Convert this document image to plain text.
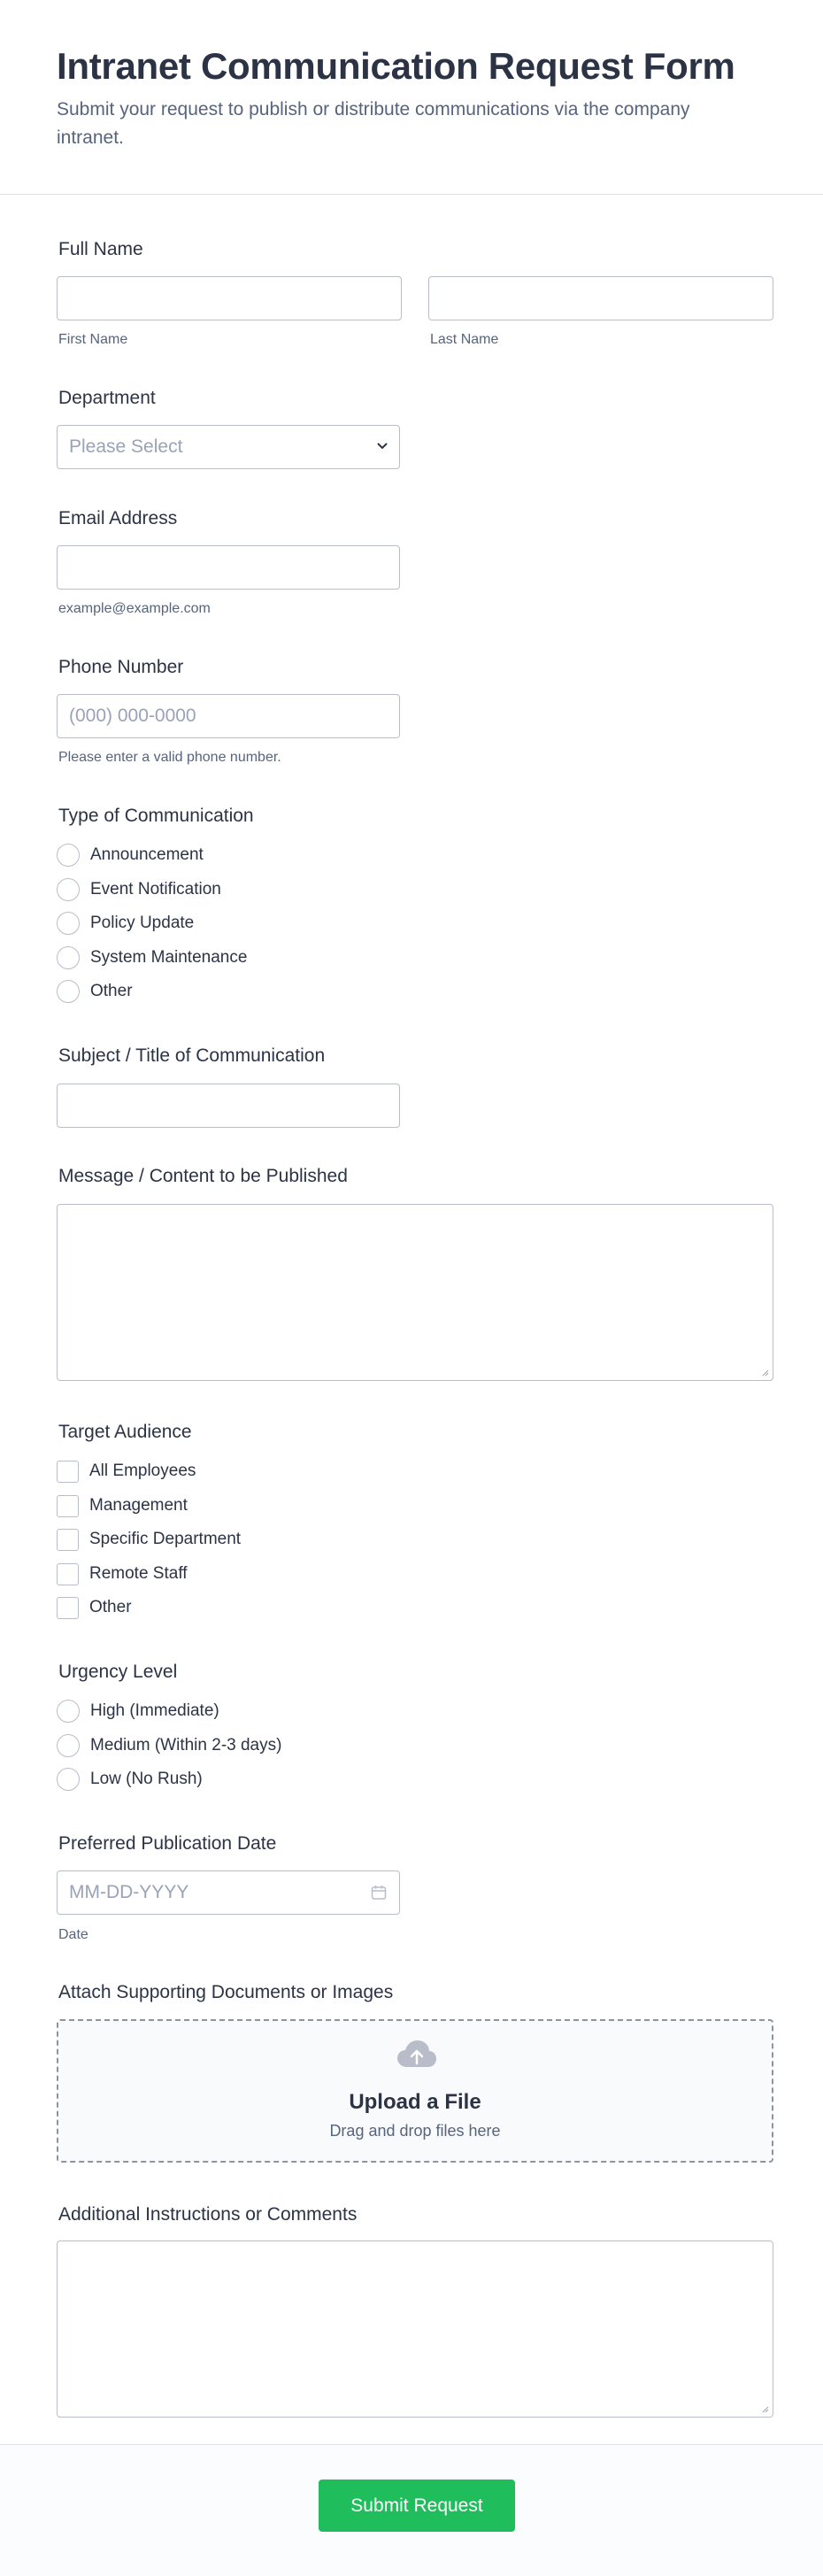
Intranet Communication Request Form

Submit your request to publish or distribute communications via the company intranet.

Full Name
First Name	Last Name
Department
Please Select
Email Address
example@example.com
Phone Number
(000) 000-0000
Please enter a valid phone number.
Type of Communication
Announcement
Event Notification
Policy Update
System Maintenance
Other
Subject / Title of Communication
Message / Content to be Published
Target Audience
All Employees
Management
Specific Department
Remote Staff
Other
Urgency Level
High (Immediate)
Medium (Within 2-3 days)
Low (No Rush)
Preferred Publication Date
MM-DD-YYYY
Date
Attach Supporting Documents or Images
Upload a File
Drag and drop files here
Additional Instructions or Comments
Submit Request
